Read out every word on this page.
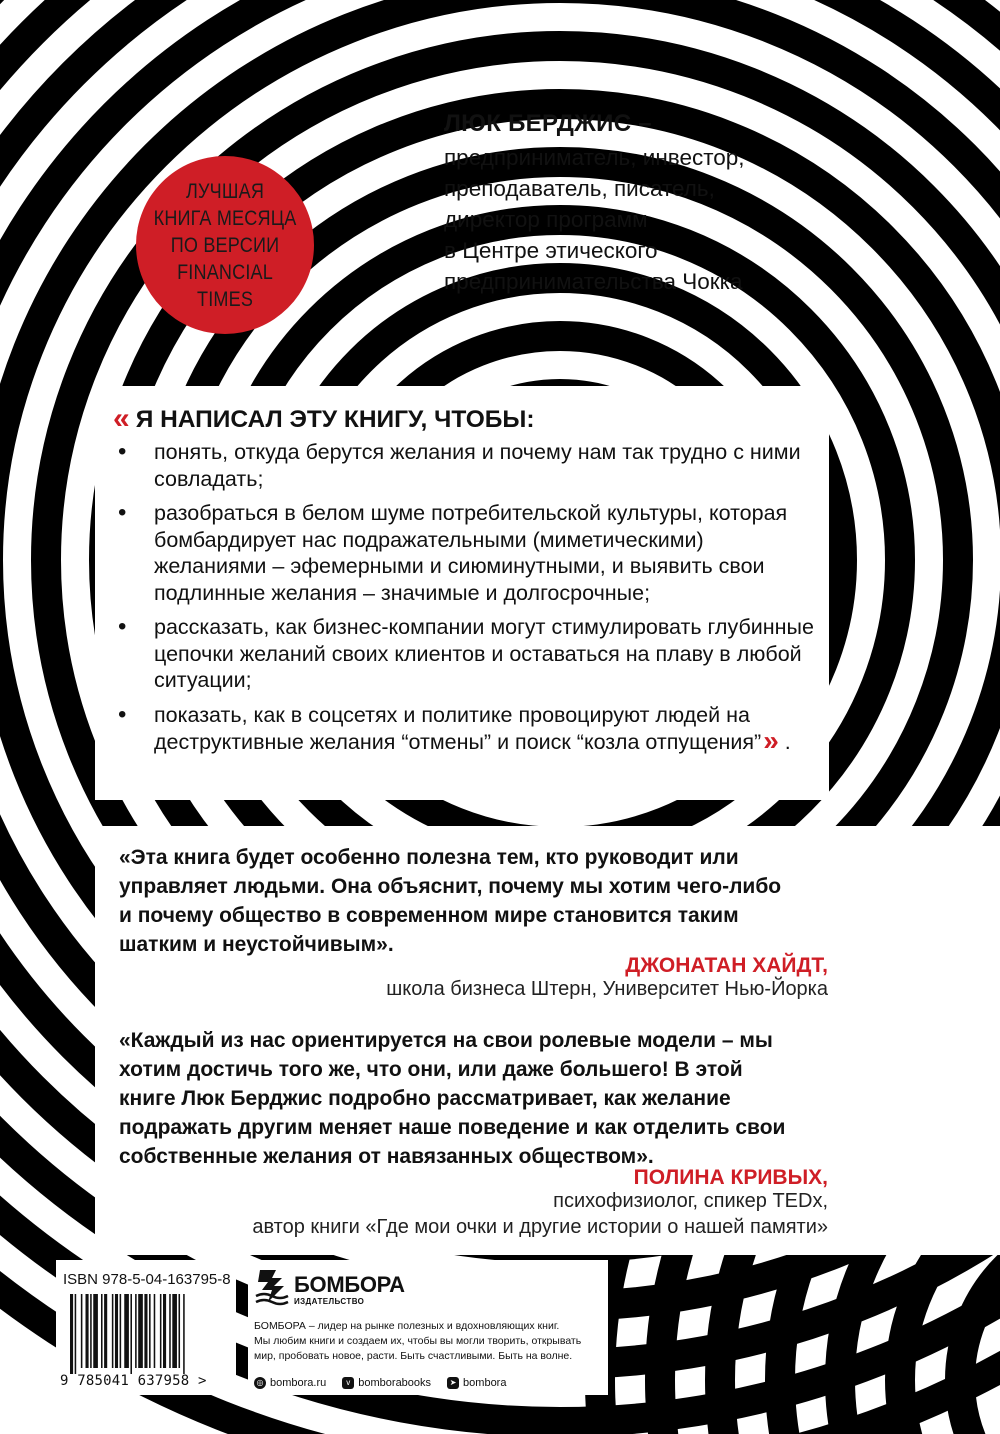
ЛЮК БЕРДЖИС –
предприниматель, инвестор,
преподаватель, писатель,
директор программ
в Центре этического
предпринимательства Чокка
ЛУЧШАЯ
КНИГА МЕСЯЦА
ПО ВЕРСИИ
FINANCIAL
TIMES
« Я НАПИСАЛ ЭТУ КНИГУ, ЧТОБЫ:
• понять, откуда берутся желания и почему нам так трудно с ними совладать;
• разобраться в белом шуме потребительской культуры, которая бомбардирует нас подражательными (миметическими) желаниями – эфемерными и сиюминутными, и выявить свои подлинные желания – значимые и долгосрочные;
• рассказать, как бизнес-компании могут стимулировать глубинные цепочки желаний своих клиентов и оставаться на плаву в любой ситуации;
• показать, как в соцсетях и политике провоцируют людей на деструктивные желания “отмены” и поиск “козла отпущения”» .
«Эта книга будет особенно полезна тем, кто руководит или
управляет людьми. Она объяснит, почему мы хотим чего-либо
и почему общество в современном мире становится таким
шатким и неустойчивым».
ДЖОНАТАН ХАЙДТ,
школа бизнеса Штерн, Университет Нью-Йорка
«Каждый из нас ориентируется на свои ролевые модели – мы
хотим достичь того же, что они, или даже большего! В этой
книге Люк Берджис подробно рассматривает, как желание
подражать другим меняет наше поведение и как отделить свои
собственные желания от навязанных обществом».
ПОЛИНА КРИВЫХ,
психофизиолог, спикер TEDx,
автор книги «Где мои очки и другие истории о нашей памяти»
ISBN 978-5-04-163795-8
9 785041 637958 >
БОМБОРА
ИЗДАТЕЛЬСТВО
БОМБОРА – лидер на рынке полезных и вдохновляющих книг.
Мы любим книги и создаем их, чтобы вы могли творить, открывать
мир, пробовать новое, расти. Быть счастливыми. Быть на волне.
◎ bombora.ru	v bomborabooks	➤ bombora
